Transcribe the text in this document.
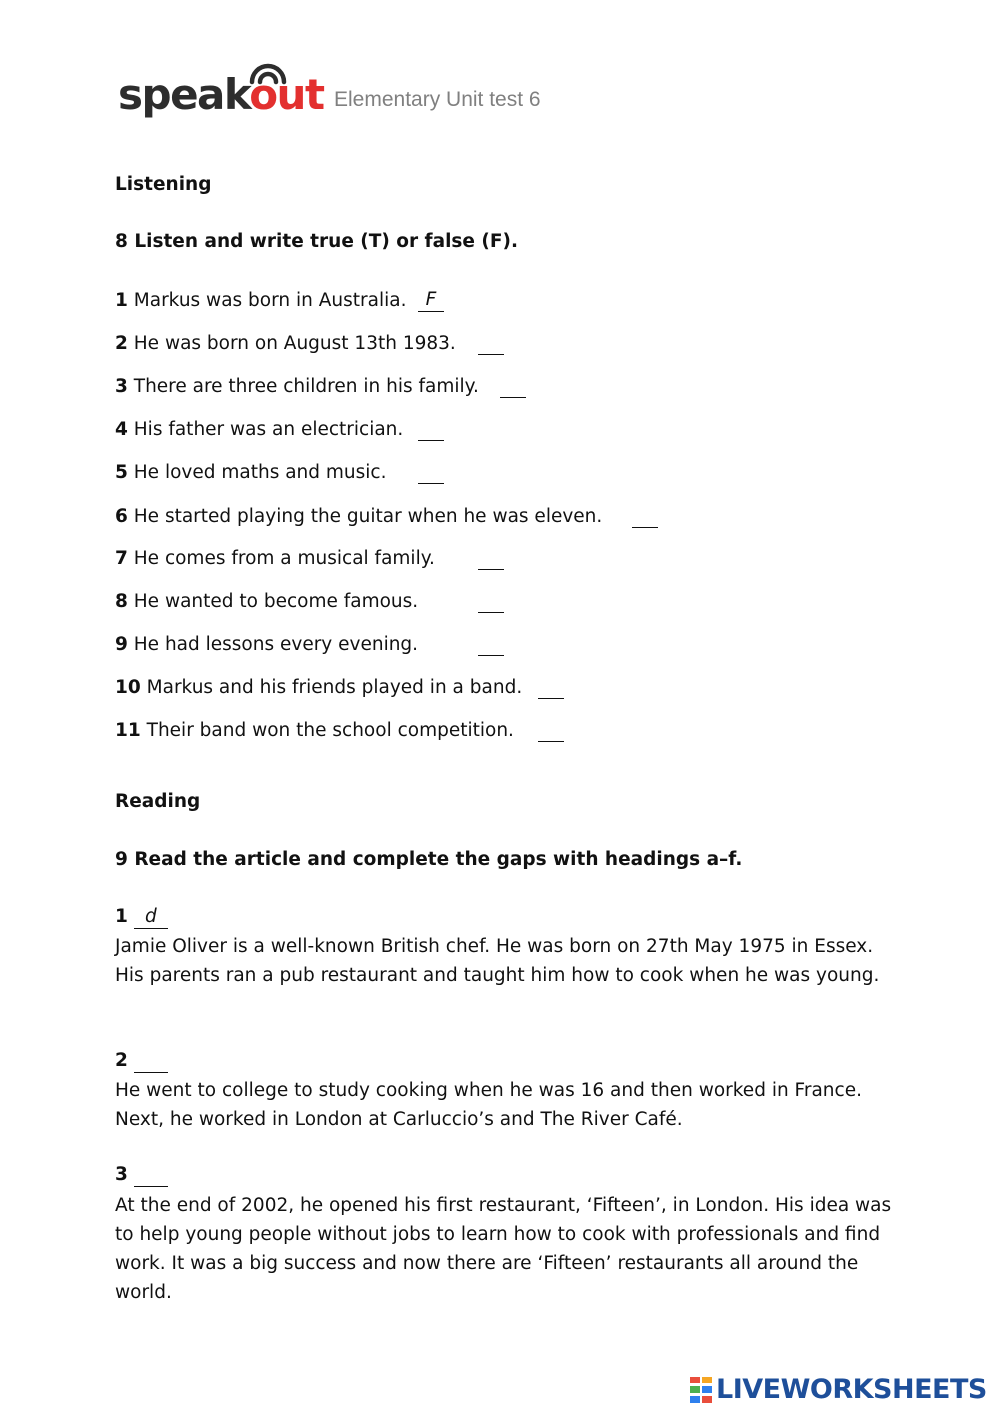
speakout Elementary Unit test 6
Listening
8 Listen and write true (T) or false (F).
1 Markus was born in Australia.	F
2 He was born on August 13th 1983.
3 There are three children in his family.
4 His father was an electrician.
5 He loved maths and music.
6 He started playing the guitar when he was eleven.
7 He comes from a musical family.
8 He wanted to become famous.
9 He had lessons every evening.
10 Markus and his friends played in a band.
11 Their band won the school competition.
Reading
9 Read the article and complete the gaps with headings a–f.
1 d
Jamie Oliver is a well-known British chef. He was born on 27th May 1975 in Essex. His parents ran a pub restaurant and taught him how to cook when he was young.
2
He went to college to study cooking when he was 16 and then worked in France. Next, he worked in London at Carluccio’s and The River Café.
3
At the end of 2002, he opened his first restaurant, ‘Fifteen’, in London. His idea was to help young people without jobs to learn how to cook with professionals and find work. It was a big success and now there are ‘Fifteen’ restaurants all around the world.
LIVEWORKSHEETS
